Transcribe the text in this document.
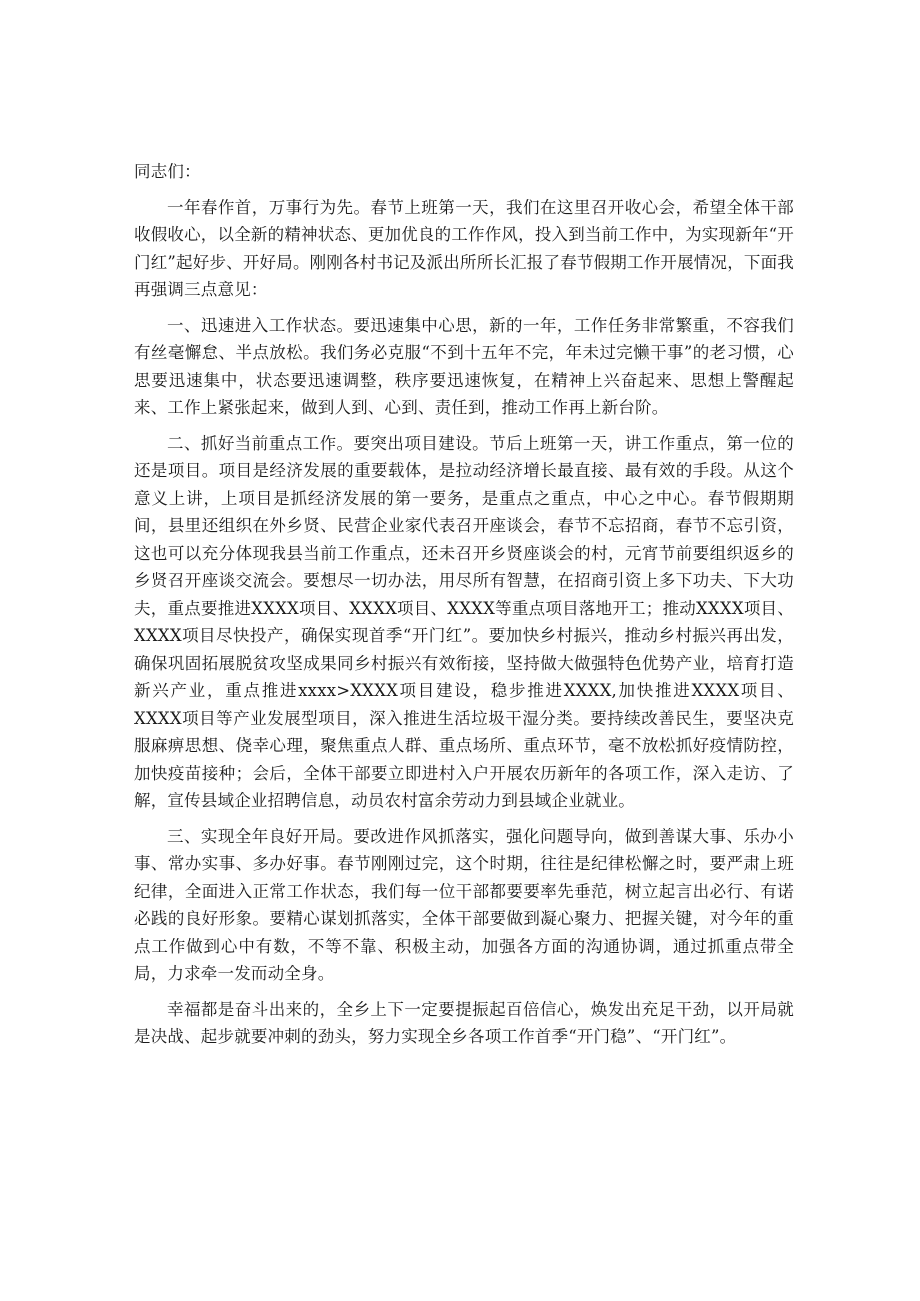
同志们：

一年春作首，万事行为先。春节上班第一天，我们在这里召开收心会，希望全体干部收假收心，以全新的精神状态、更加优良的工作作风，投入到当前工作中，为实现新年“开门红”起好步、开好局。刚刚各村书记及派出所所长汇报了春节假期工作开展情况，下面我再强调三点意见：

一、迅速进入工作状态。要迅速集中心思，新的一年，工作任务非常繁重，不容我们有丝毫懈怠、半点放松。我们务必克服“不到十五年不完，年未过完懒干事”的老习惯，心思要迅速集中，状态要迅速调整，秩序要迅速恢复，在精神上兴奋起来、思想上警醒起来、工作上紧张起来，做到人到、心到、责任到，推动工作再上新台阶。

二、抓好当前重点工作。要突出项目建设。节后上班第一天，讲工作重点，第一位的还是项目。项目是经济发展的重要载体，是拉动经济增长最直接、最有效的手段。从这个意义上讲，上项目是抓经济发展的第一要务，是重点之重点，中心之中心。春节假期期间，县里还组织在外乡贤、民营企业家代表召开座谈会，春节不忘招商，春节不忘引资，这也可以充分体现我县当前工作重点，还未召开乡贤座谈会的村，元宵节前要组织返乡的乡贤召开座谈交流会。要想尽一切办法，用尽所有智慧，在招商引资上多下功夫、下大功夫，重点要推进XXXX项目、XXXX项目、XXXX等重点项目落地开工；推动XXXX项目、XXXX项目尽快投产，确保实现首季“开门红”。要加快乡村振兴，推动乡村振兴再出发，确保巩固拓展脱贫攻坚成果同乡村振兴有效衔接，坚持做大做强特色优势产业，培育打造新兴产业，重点推进xxxx>XXXX项目建设，稳步推进XXXX,加快推进XXXX项目、XXXX项目等产业发展型项目，深入推进生活垃圾干湿分类。要持续改善民生，要坚决克服麻痹思想、侥幸心理，聚焦重点人群、重点场所、重点环节，毫不放松抓好疫情防控，加快疫苗接种；会后，全体干部要立即进村入户开展农历新年的各项工作，深入走访、了解，宣传县域企业招聘信息，动员农村富余劳动力到县域企业就业。

三、实现全年良好开局。要改进作风抓落实，强化问题导向，做到善谋大事、乐办小事、常办实事、多办好事。春节刚刚过完，这个时期，往往是纪律松懈之时，要严肃上班纪律，全面进入正常工作状态，我们每一位干部都要要率先垂范，树立起言出必行、有诺必践的良好形象。要精心谋划抓落实，全体干部要做到凝心聚力、把握关键，对今年的重点工作做到心中有数，不等不靠、积极主动，加强各方面的沟通协调，通过抓重点带全局，力求牵一发而动全身。

幸福都是奋斗出来的，全乡上下一定要提振起百倍信心，焕发出充足干劲，以开局就是决战、起步就要冲刺的劲头，努力实现全乡各项工作首季“开门稳”、“开门红”。
